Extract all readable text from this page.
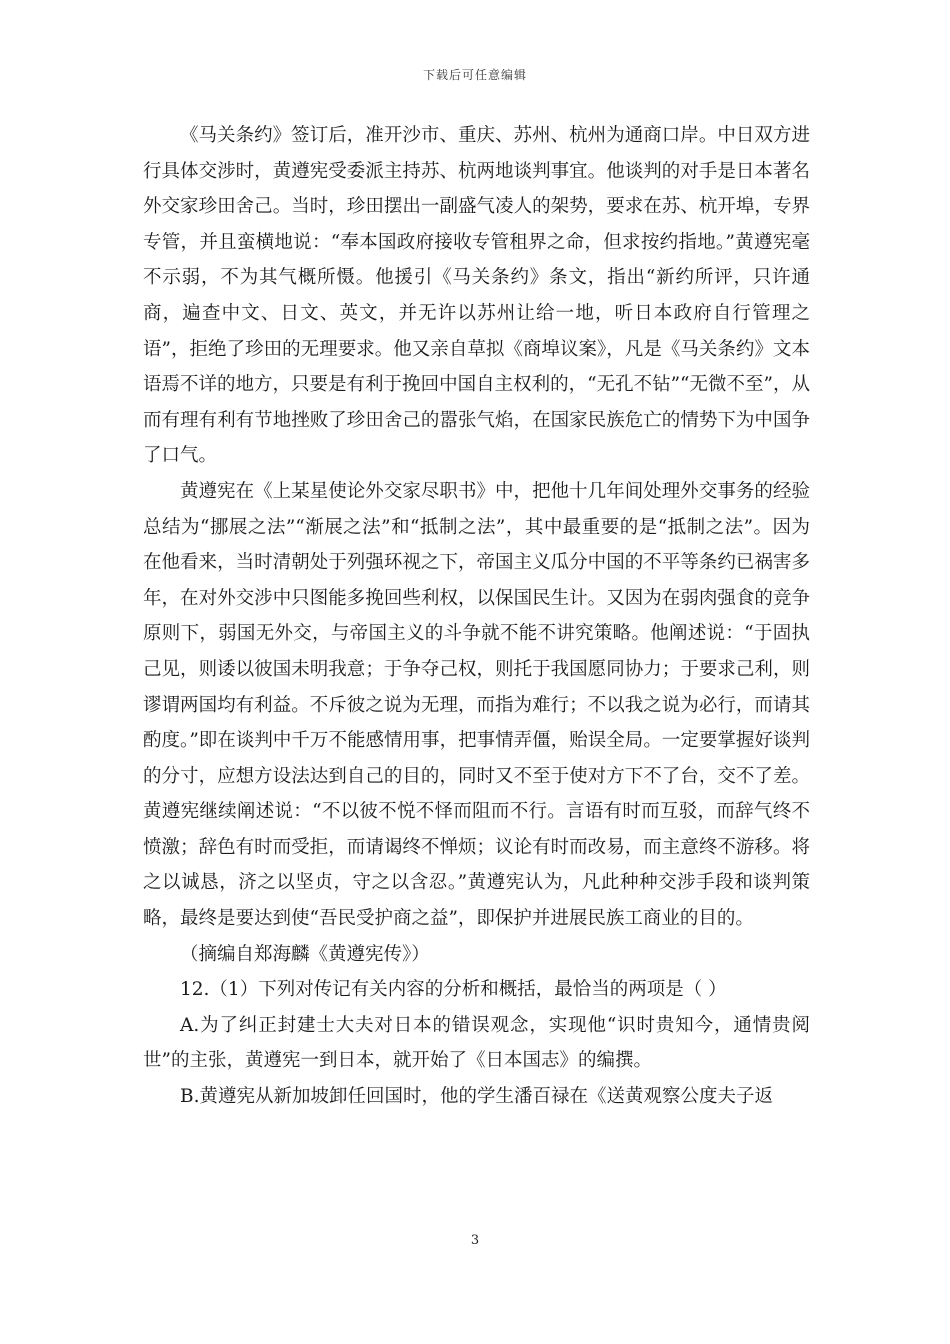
下载后可任意编辑

《马关条约》签订后，准开沙市、重庆、苏州、杭州为通商口岸。中日双方进行具体交涉时，黄遵宪受委派主持苏、杭两地谈判事宜。他谈判的对手是日本著名外交家珍田舍己。当时，珍田摆出一副盛气凌人的架势，要求在苏、杭开埠，专界专管，并且蛮横地说：“奉本国政府接收专管租界之命，但求按约指地。”黄遵宪毫不示弱，不为其气概所慑。他援引《马关条约》条文，指出“新约所评，只许通商，遍查中文、日文、英文，并无许以苏州让给一地，听日本政府自行管理之语”，拒绝了珍田的无理要求。他又亲自草拟《商埠议案》，凡是《马关条约》文本语焉不详的地方，只要是有利于挽回中国自主权利的，“无孔不钻”“无微不至”，从而有理有利有节地挫败了珍田舍己的嚣张气焰，在国家民族危亡的情势下为中国争了口气。

黄遵宪在《上某星使论外交家尽职书》中，把他十几年间处理外交事务的经验总结为“挪展之法”“渐展之法”和“抵制之法”，其中最重要的是“抵制之法”。因为在他看来，当时清朝处于列强环视之下，帝国主义瓜分中国的不平等条约已祸害多年，在对外交涉中只图能多挽回些利权，以保国民生计。又因为在弱肉强食的竞争原则下，弱国无外交，与帝国主义的斗争就不能不讲究策略。他阐述说：“于固执己见，则诿以彼国未明我意；于争夺己权，则托于我国愿同协力；于要求己利，则谬谓两国均有利益。不斥彼之说为无理，而指为难行；不以我之说为必行，而请其酌度。”即在谈判中千万不能感情用事，把事情弄僵，贻误全局。一定要掌握好谈判的分寸，应想方设法达到自己的目的，同时又不至于使对方下不了台，交不了差。黄遵宪继续阐述说：“不以彼不悦不怿而阻而不行。言语有时而互驳，而辞气终不愤激；辞色有时而受拒，而请谒终不惮烦；议论有时而改易，而主意终不游移。将之以诚恳，济之以坚贞，守之以含忍。”黄遵宪认为，凡此种种交涉手段和谈判策略，最终是要达到使“吾民受护商之益”，即保护并进展民族工商业的目的。

（摘编自郑海麟《黄遵宪传》）

12.（1）下列对传记有关内容的分析和概括，最恰当的两项是（ ）

A.为了纠正封建士大夫对日本的错误观念，实现他“识时贵知今，通情贵阅世”的主张，黄遵宪一到日本，就开始了《日本国志》的编撰。

B.黄遵宪从新加坡卸任回国时，他的学生潘百禄在《送黄观察公度夫子返

3
